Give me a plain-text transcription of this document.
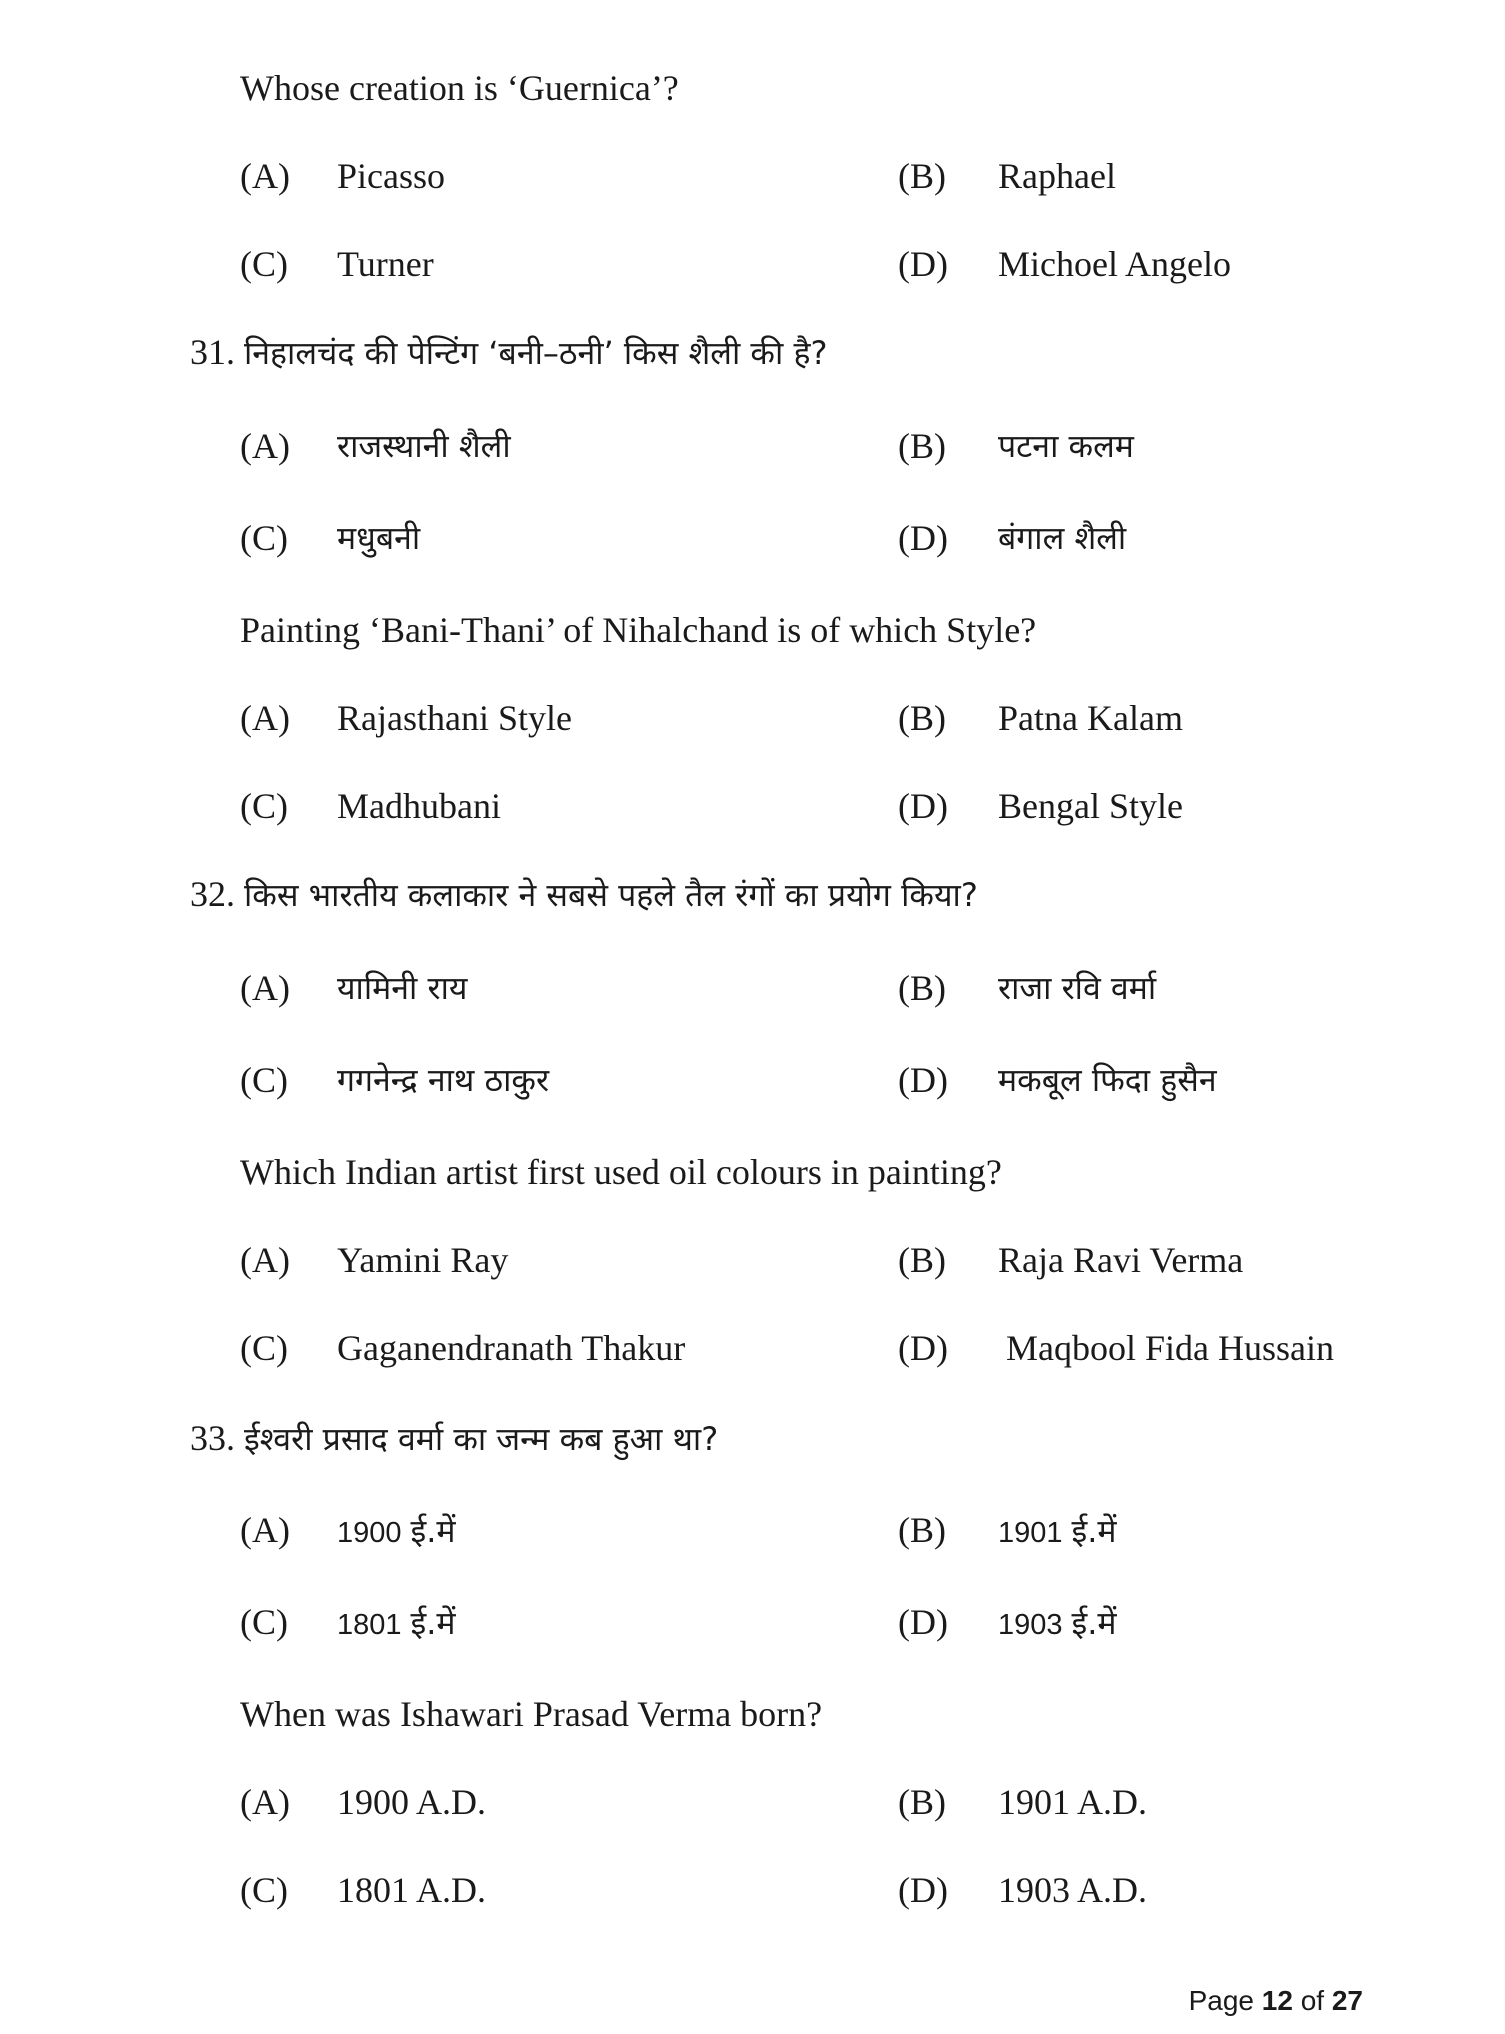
Whose creation is ‘Guernica’?
(A) Picasso	(B) Raphael
(C) Turner	(D) Michoel Angelo
31. निहालचंद की पेन्टिंग ‘बनी–ठनी’ किस शैली की है?
(A) राजस्थानी शैली	(B) पटना कलम
(C) मधुबनी	(D) बंगाल शैली
Painting ‘Bani-Thani’ of Nihalchand is of which Style?
(A) Rajasthani Style	(B) Patna Kalam
(C) Madhubani	(D) Bengal Style
32. किस भारतीय कलाकार ने सबसे पहले तैल रंगों का प्रयोग किया?
(A) यामिनी राय	(B) राजा रवि वर्मा
(C) गगनेन्द्र नाथ ठाकुर	(D) मकबूल फिदा हुसैन
Which Indian artist first used oil colours in painting?
(A) Yamini Ray	(B) Raja Ravi Verma
(C) Gaganendranath Thakur	(D) Maqbool Fida Hussain
33. ईश्वरी प्रसाद वर्मा का जन्म कब हुआ था?
(A) 1900 ई.में	(B) 1901 ई.में
(C) 1801 ई.में	(D) 1903 ई.में
When was Ishawari Prasad Verma born?
(A) 1900 A.D.	(B) 1901 A.D.
(C) 1801 A.D.	(D) 1903 A.D.
Page 12 of 27
